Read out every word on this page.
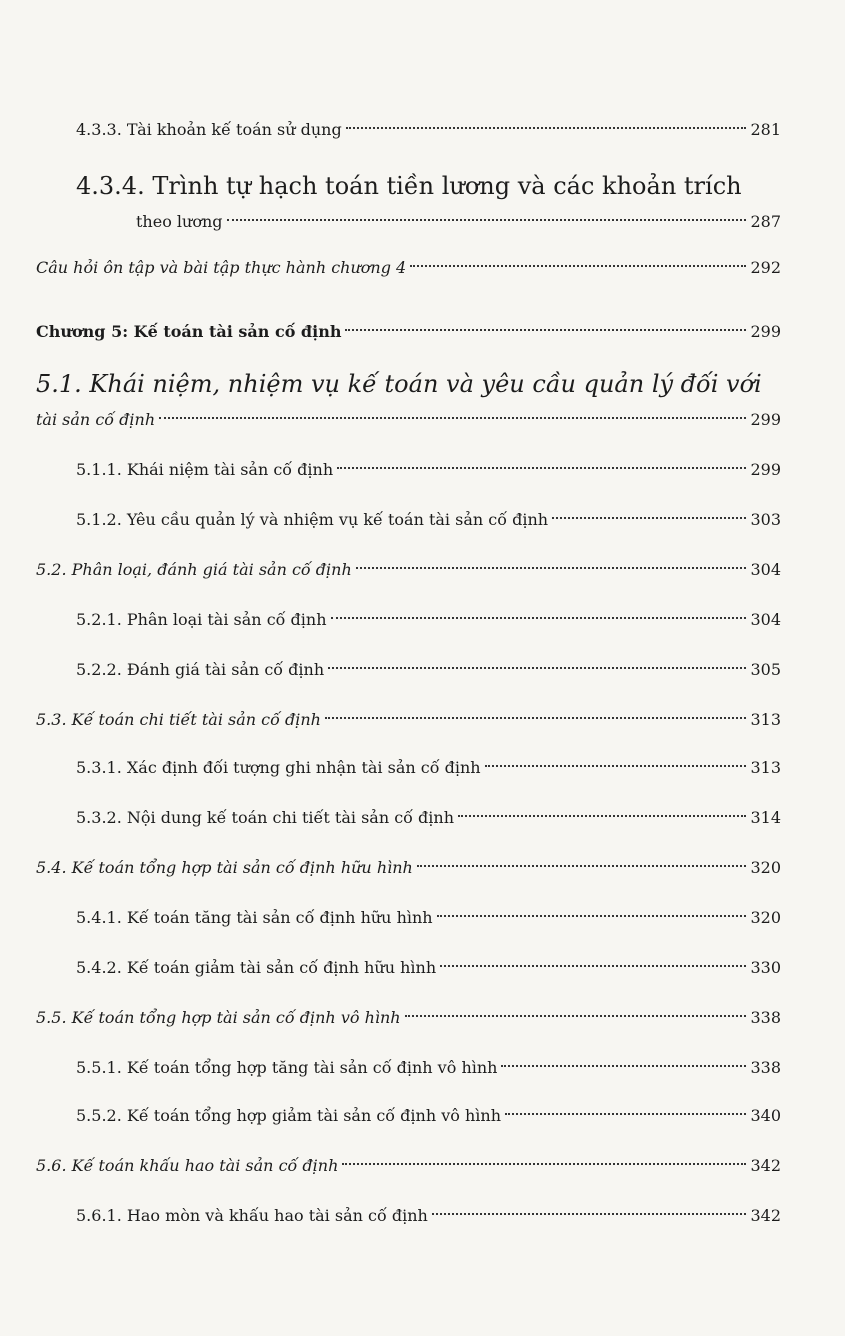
4.3.3. Tài khoản kế toán sử dụng	281
4.3.4. Trình tự hạch toán tiền lương và các khoản trích
theo lương	287
Câu hỏi ôn tập và bài tập thực hành chương 4	292
Chương 5: Kế toán tài sản cố định	299
5.1. Khái niệm, nhiệm vụ kế toán và yêu cầu quản lý đối với
tài sản cố định	299
5.1.1. Khái niệm tài sản cố định	299
5.1.2. Yêu cầu quản lý và nhiệm vụ kế toán tài sản cố định	303
5.2. Phân loại, đánh giá tài sản cố định	304
5.2.1. Phân loại tài sản cố định	304
5.2.2. Đánh giá tài sản cố định	305
5.3. Kế toán chi tiết tài sản cố định	313
5.3.1. Xác định đối tượng ghi nhận tài sản cố định	313
5.3.2. Nội dung kế toán chi tiết tài sản cố định	314
5.4. Kế toán tổng hợp tài sản cố định hữu hình	320
5.4.1. Kế toán tăng tài sản cố định hữu hình	320
5.4.2. Kế toán giảm tài sản cố định hữu hình	330
5.5. Kế toán tổng hợp tài sản cố định vô hình	338
5.5.1. Kế toán tổng hợp tăng tài sản cố định vô hình	338
5.5.2. Kế toán tổng hợp giảm tài sản cố định vô hình	340
5.6. Kế toán khấu hao tài sản cố định	342
5.6.1. Hao mòn và khấu hao tài sản cố định	342
